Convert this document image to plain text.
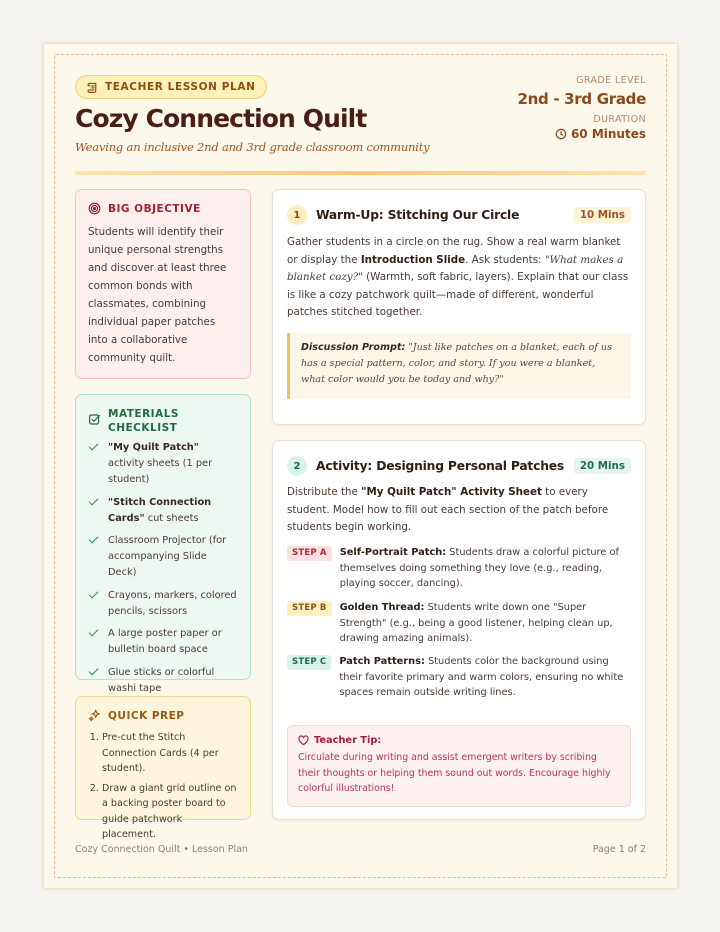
TEACHER LESSON PLAN
Cozy Connection Quilt
Weaving an inclusive 2nd and 3rd grade classroom community
GRADE LEVEL
2nd - 3rd Grade
DURATION
60 Minutes
BIG OBJECTIVE
Students will identify their unique personal strengths and discover at least three common bonds with classmates, combining individual paper patches into a collaborative community quilt.
MATERIALS CHECKLIST
"My Quilt Patch" activity sheets (1 per student)
"Stitch Connection Cards" cut sheets
Classroom Projector (for accompanying Slide Deck)
Crayons, markers, colored pencils, scissors
A large poster paper or bulletin board space
Glue sticks or colorful washi tape
QUICK PREP
1. Pre-cut the Stitch Connection Cards (4 per student).
2. Draw a giant grid outline on a backing poster board to guide patchwork placement.
1	Warm-Up: Stitching Our Circle	10 Mins
Gather students in a circle on the rug. Show a real warm blanket or display the Introduction Slide. Ask students: "What makes a blanket cozy?" (Warmth, soft fabric, layers). Explain that our class is like a cozy patchwork quilt—made of different, wonderful patches stitched together.
Discussion Prompt: "Just like patches on a blanket, each of us has a special pattern, color, and story. If you were a blanket, what color would you be today and why?"
2	Activity: Designing Personal Patches	20 Mins
Distribute the "My Quilt Patch" Activity Sheet to every student. Model how to fill out each section of the patch before students begin working.
STEP A	Self-Portrait Patch: Students draw a colorful picture of themselves doing something they love (e.g., reading, playing soccer, dancing).
STEP B	Golden Thread: Students write down one "Super Strength" (e.g., being a good listener, helping clean up, drawing amazing animals).
STEP C	Patch Patterns: Students color the background using their favorite primary and warm colors, ensuring no white spaces remain outside writing lines.
Teacher Tip:
Circulate during writing and assist emergent writers by scribing their thoughts or helping them sound out words. Encourage highly colorful illustrations!
Cozy Connection Quilt • Lesson Plan	Page 1 of 2
